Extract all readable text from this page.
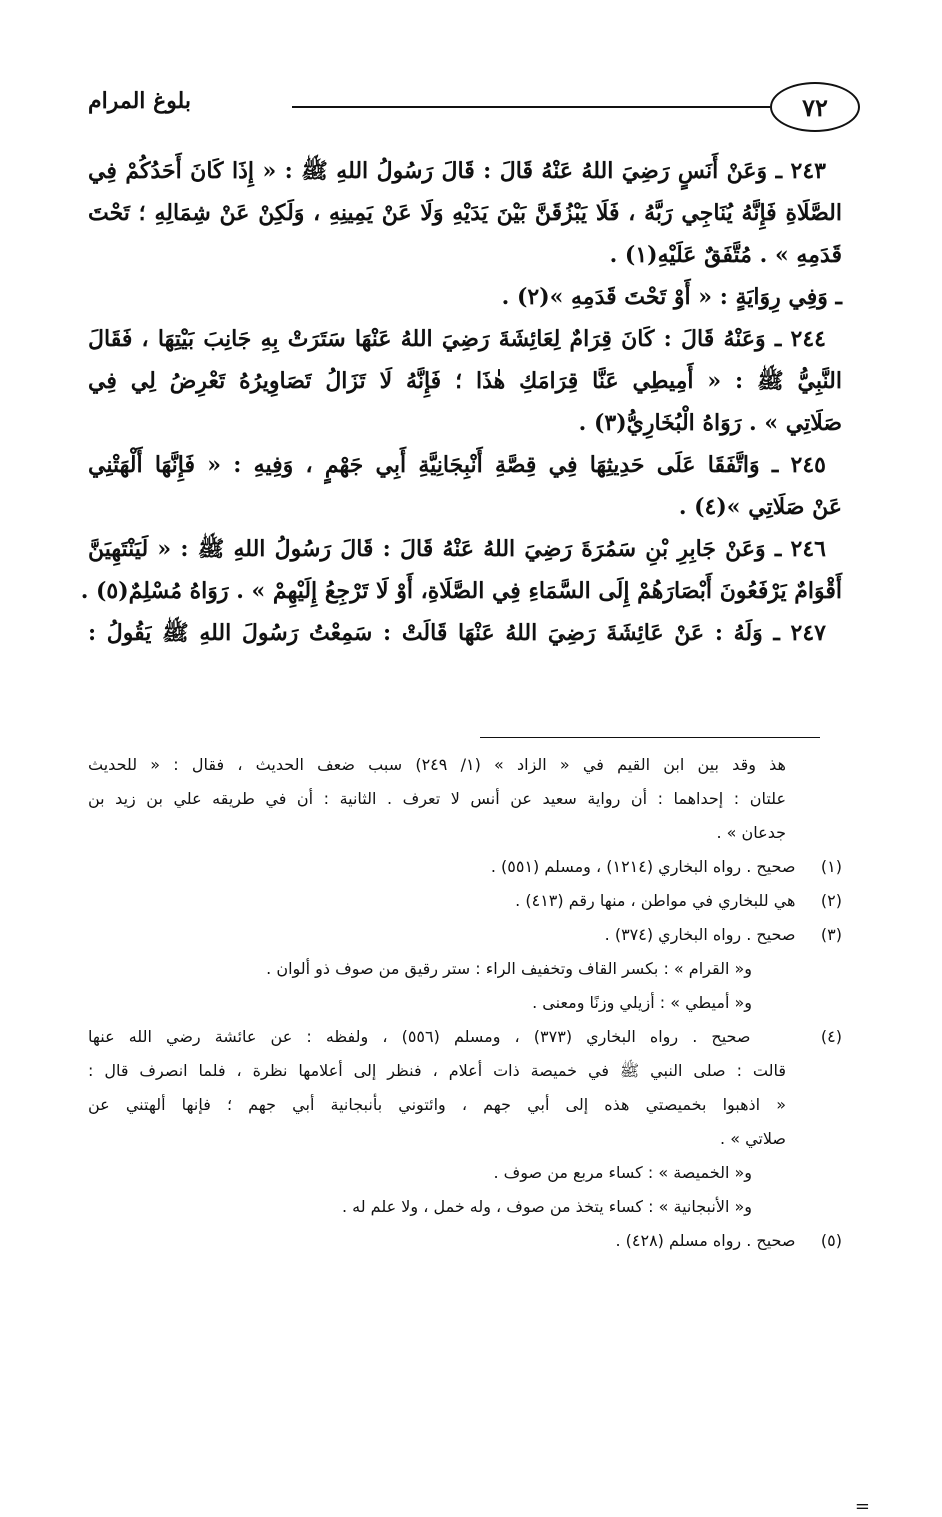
بلوغ المرام	٧٢
٢٤٣ ـ وَعَنْ أَنَسٍ رَضِيَ اللهُ عَنْهُ قَالَ : قَالَ رَسُولُ اللهِ ﷺ : « إِذَا كَانَ أَحَدُكُمْ فِي
الصَّلَاةِ فَإِنَّهُ يُنَاجِي رَبَّهُ ، فَلَا يَبْزُقَنَّ بَيْنَ يَدَيْهِ وَلَا عَنْ يَمِينِهِ ، وَلَكِنْ عَنْ شِمَالِهِ ؛ تَحْتَ
قَدَمِهِ » . مُتَّفَقٌ عَلَيْهِ(١) .
ـ وَفِي رِوَايَةٍ : « أَوْ تَحْتَ قَدَمِهِ »(٢) .
٢٤٤ ـ وَعَنْهُ قَالَ : كَانَ قِرَامٌ لِعَائِشَةَ رَضِيَ اللهُ عَنْهَا سَتَرَتْ بِهِ جَانِبَ بَيْتِهَا ، فَقَالَ
النَّبِيُّ ﷺ : « أَمِيطِي عَنَّا قِرَامَكِ هٰذَا ؛ فَإِنَّهُ لَا تَزَالُ تَصَاوِيرُهُ تَعْرِضُ لِي فِي
صَلَاتِي » . رَوَاهُ الْبُخَارِيُّ(٣) .
٢٤٥ ـ وَاتَّفَقَا عَلَى حَدِيثِهَا فِي قِصَّةِ أَنْبِجَانِيَّةِ أَبِي جَهْمٍ ، وَفِيهِ : « فَإِنَّهَا أَلْهَتْنِي
عَنْ صَلَاتِي »(٤) .
٢٤٦ ـ وَعَنْ جَابِرِ بْنِ سَمُرَةَ رَضِيَ اللهُ عَنْهُ قَالَ : قَالَ رَسُولُ اللهِ ﷺ : « لَيَنْتَهِيَنَّ
أَقْوَامٌ يَرْفَعُونَ أَبْصَارَهُمْ إِلَى السَّمَاءِ فِي الصَّلَاةِ، أَوْ لَا تَرْجِعُ إِلَيْهِمْ » . رَوَاهُ مُسْلِمٌ(٥) .
٢٤٧ ـ وَلَهُ : عَنْ عَائِشَةَ رَضِيَ اللهُ عَنْهَا قَالَتْ : سَمِعْتُ رَسُولَ اللهِ ﷺ يَقُولُ :
=
هذ وقد بين ابن القيم في « الزاد » (١/ ٢٤٩) سبب ضعف الحديث ، فقال : « للحديث
علتان : إحداهما : أن رواية سعيد عن أنس لا تعرف . الثانية : أن في طريقه علي بن زيد بن
جدعان » .
(١)     صحيح . رواه البخاري (١٢١٤) ، ومسلم (٥٥١) .
(٢)     هي للبخاري في مواطن ، منها رقم (٤١٣) .
(٣)     صحيح . رواه البخاري (٣٧٤) .
و« القرام » : بكسر القاف وتخفيف الراء : ستر رقيق من صوف ذو ألوان .
و« أميطي » : أزيلي وزنًا ومعنى .
(٤)     صحيح . رواه البخاري (٣٧٣) ، ومسلم (٥٥٦) ، ولفظه : عن عائشة رضي الله عنها
قالت : صلى النبي ﷺ في خميصة ذات أعلام ، فنظر إلى أعلامها نظرة ، فلما انصرف قال :
« اذهبوا بخميصتي هذه إلى أبي جهم ، وائتوني بأنبجانية أبي جهم ؛ فإنها ألهتني عن
صلاتي » .
و« الخميصة » : كساء مربع من صوف .
و« الأنبجانية » : كساء يتخذ من صوف ، وله خمل ، ولا علم له .
(٥)     صحيح . رواه مسلم (٤٢٨) .
